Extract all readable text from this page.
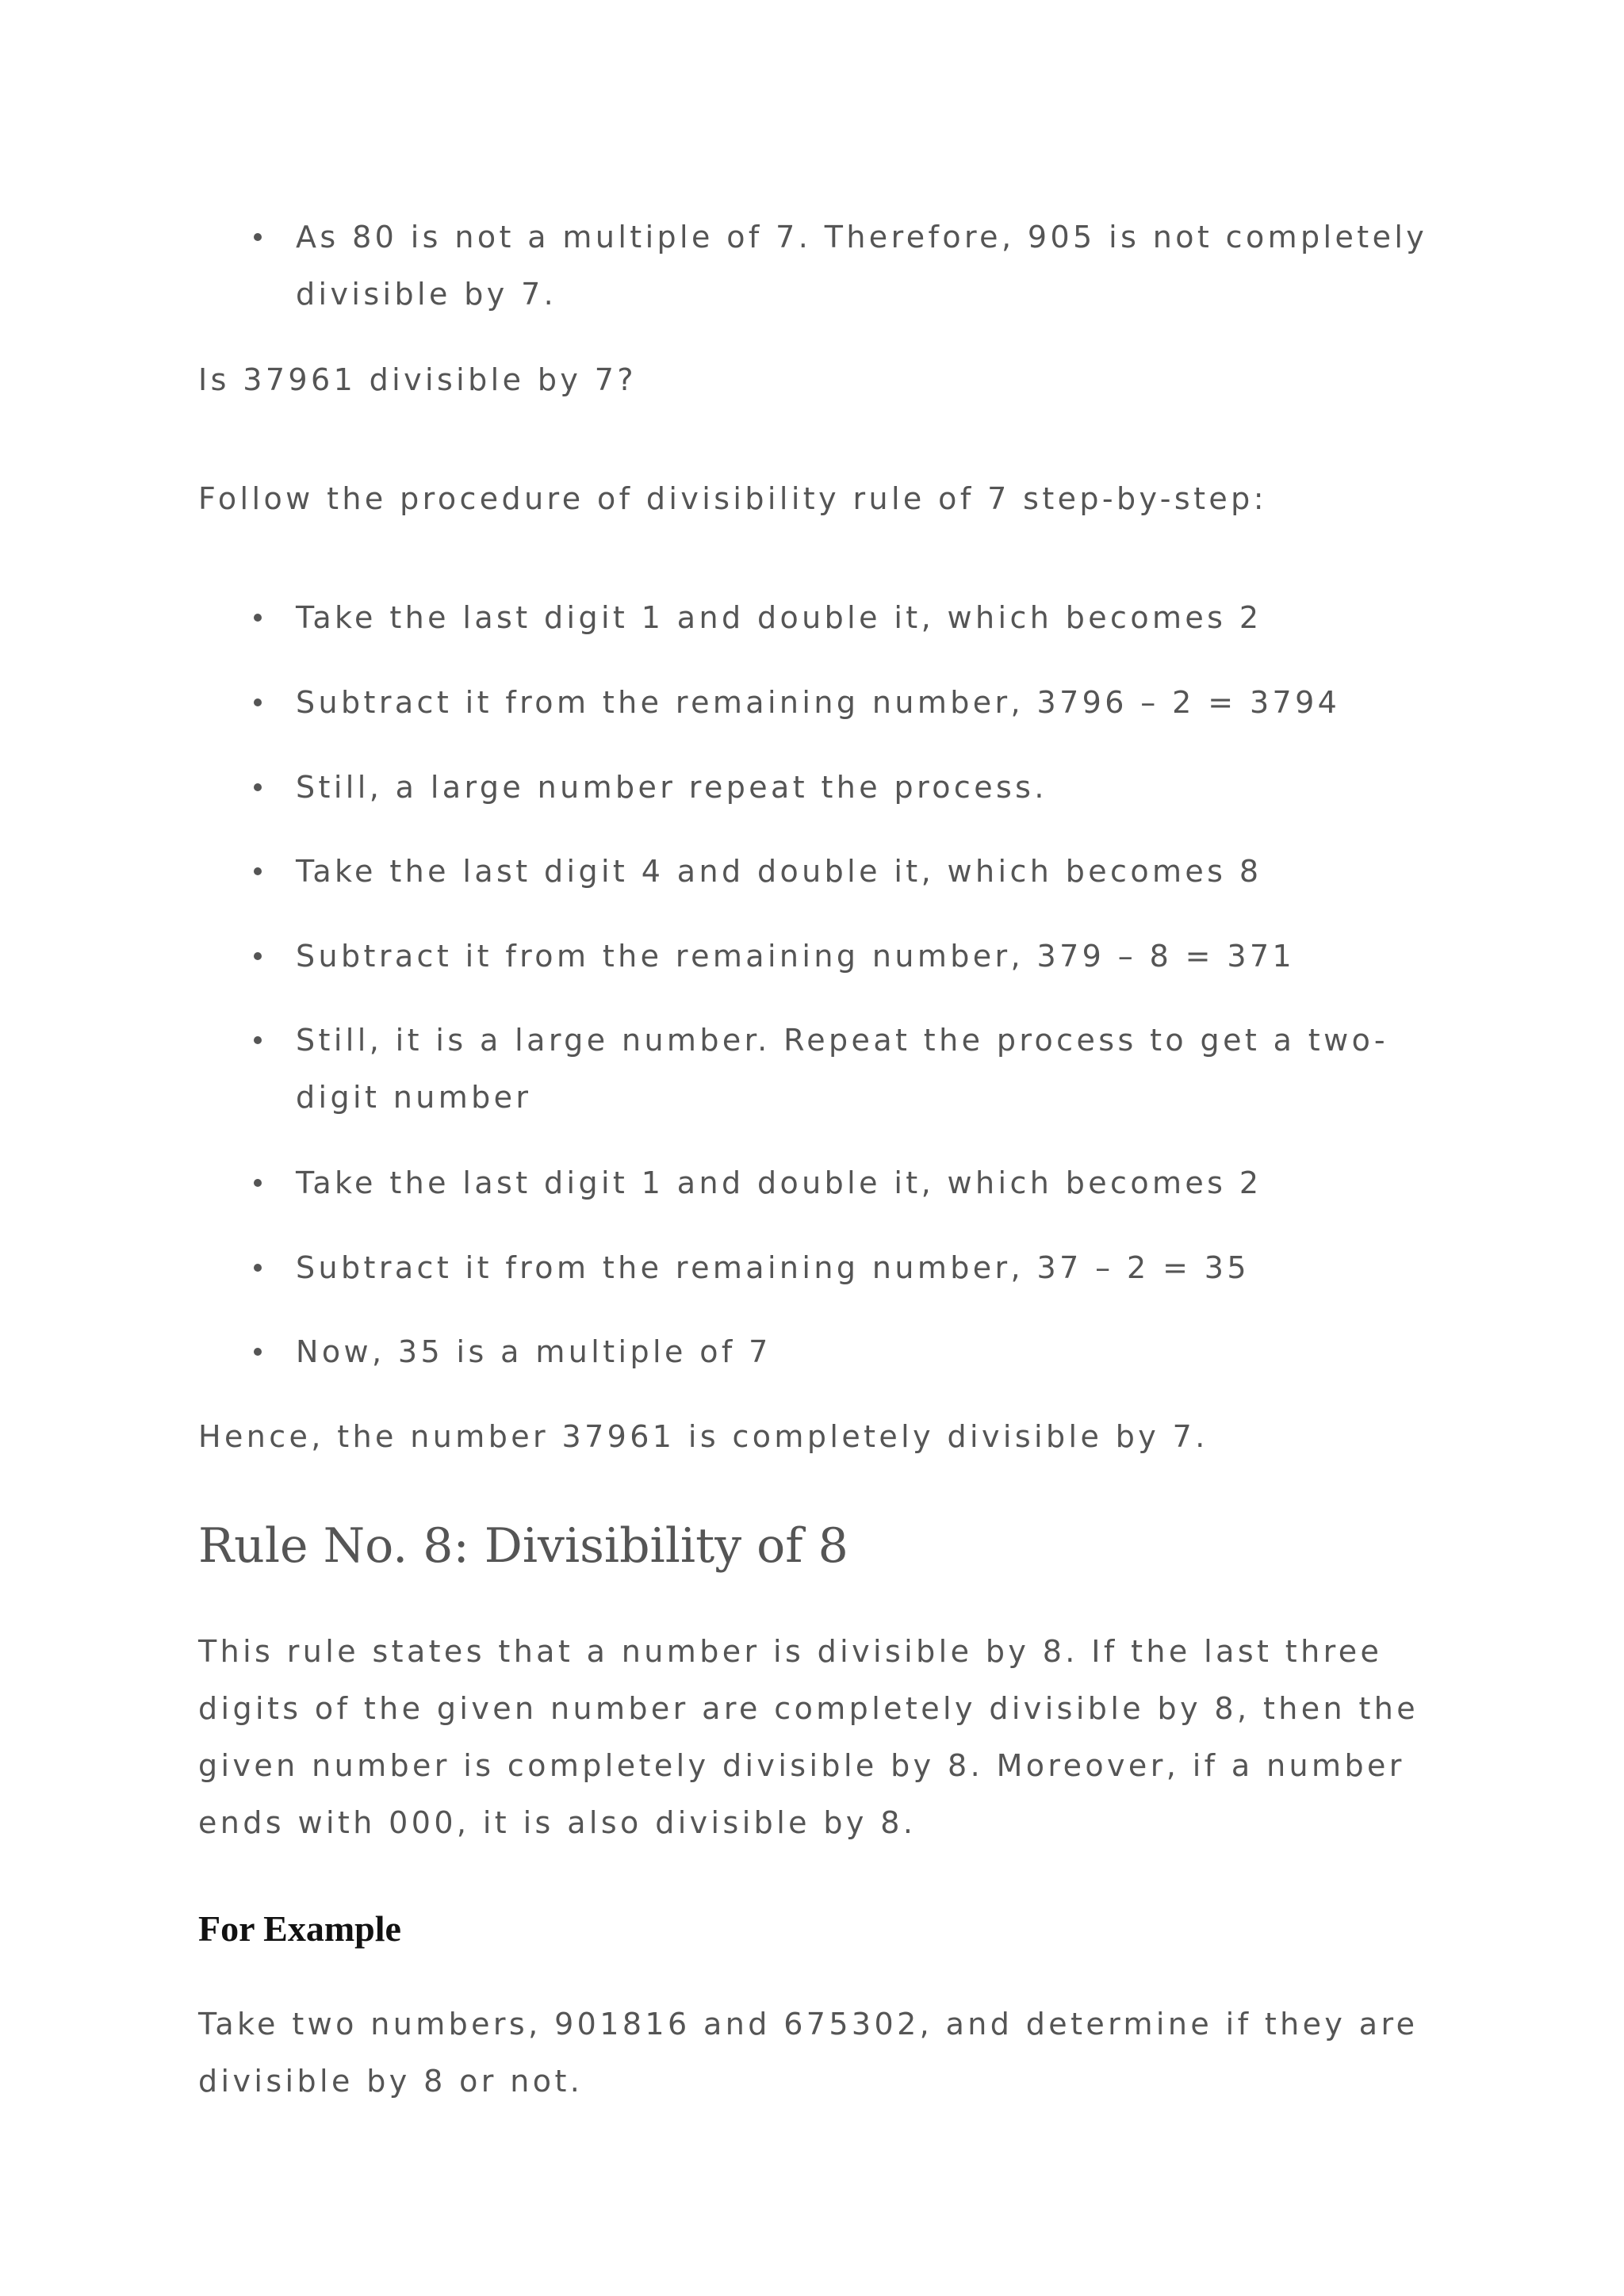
As 80 is not a multiple of 7. Therefore, 905 is not completely divisible by 7.

Is 37961 divisible by 7?

Follow the procedure of divisibility rule of 7 step-by-step:

Take the last digit 1 and double it, which becomes 2
Subtract it from the remaining number, 3796 – 2 = 3794
Still, a large number repeat the process.
Take the last digit 4 and double it, which becomes 8
Subtract it from the remaining number, 379 – 8 = 371
Still, it is a large number. Repeat the process to get a two-digit number
Take the last digit 1 and double it, which becomes 2
Subtract it from the remaining number, 37 – 2 = 35
Now, 35 is a multiple of 7

Hence, the number 37961 is completely divisible by 7.

Rule No. 8: Divisibility of 8

This rule states that a number is divisible by 8. If the last three digits of the given number are completely divisible by 8, then the given number is completely divisible by 8. Moreover, if a number ends with 000, it is also divisible by 8.

For Example

Take two numbers, 901816 and 675302, and determine if they are divisible by 8 or not.
